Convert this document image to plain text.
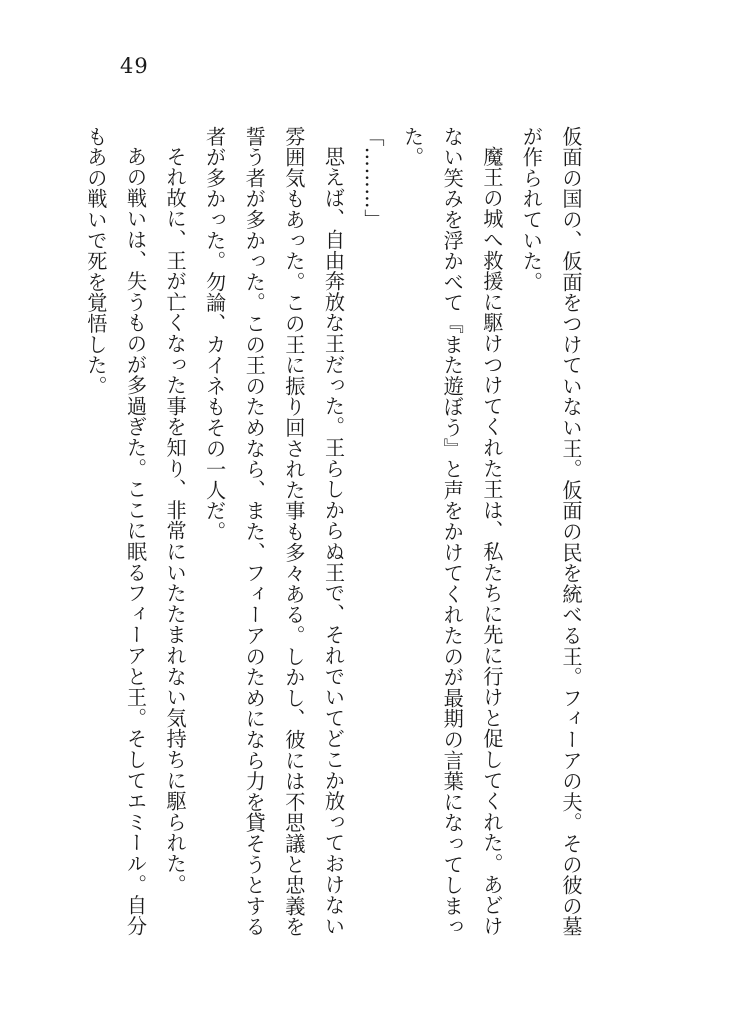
49

仮面の国の、仮面をつけていない王。仮面の民を統べる王。フィーアの夫。その彼の墓が作られていた。

魔王の城へ救援に駆けつけてくれた王は、私たちに先に行けと促してくれた。あどけない笑みを浮かべて『また遊ぼう』と声をかけてくれたのが最期の言葉になってしまった。

「………」

思えば、自由奔放な王だった。王らしからぬ王で、それでいてどこか放っておけない雰囲気もあった。この王に振り回された事も多々ある。しかし、彼には不思議と忠義を誓う者が多かった。この王のためなら、また、フィーアのためになら力を貸そうとする者が多かった。勿論、カイネもその一人だ。

それ故に、王が亡くなった事を知り、非常にいたたまれない気持ちに駆られた。

あの戦いは、失うものが多過ぎた。ここに眠るフィーアと王。そしてエミール。自分もあの戦いで死を覚悟した。
